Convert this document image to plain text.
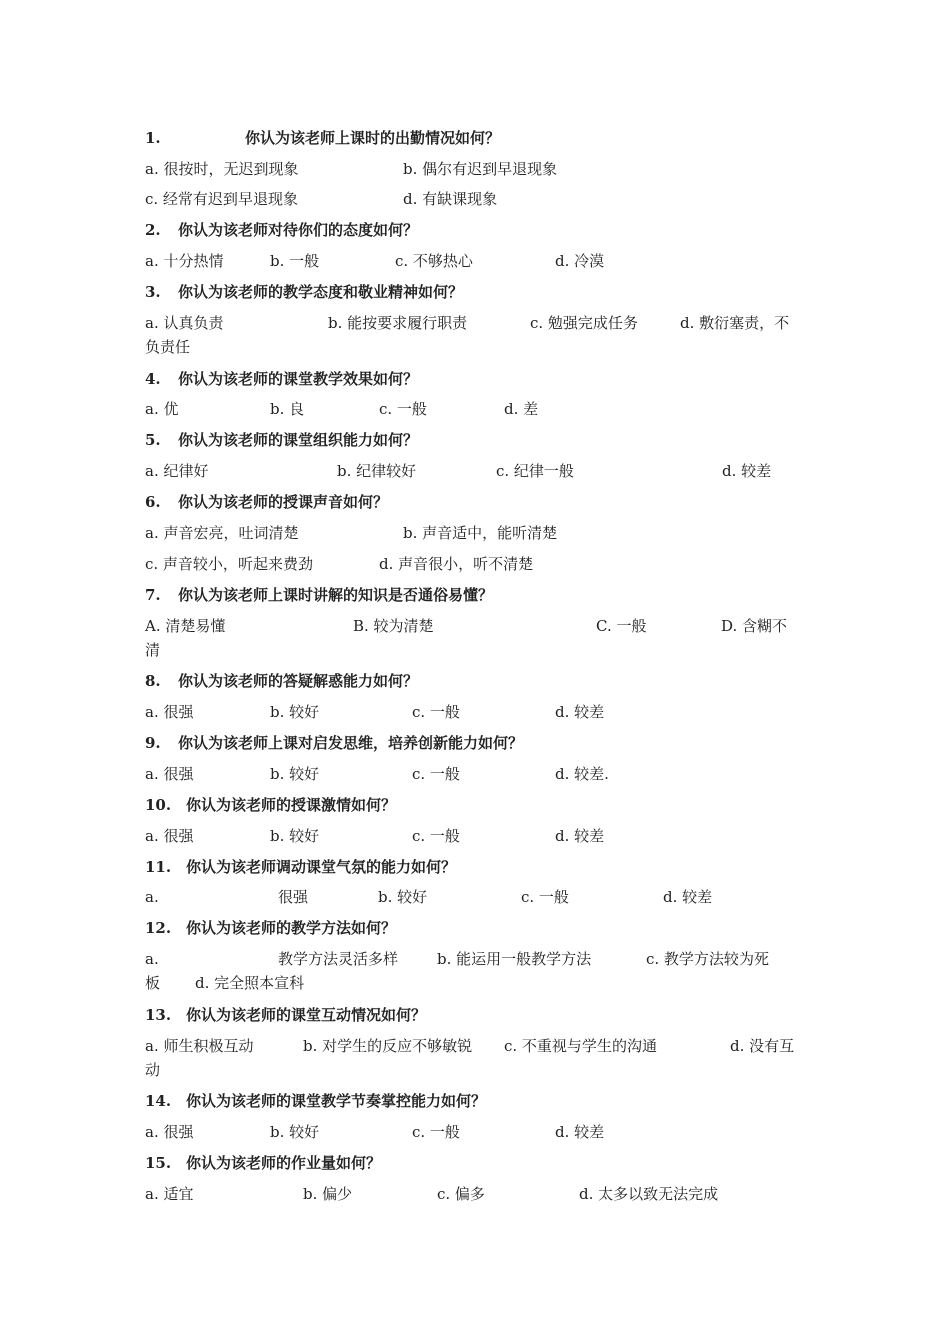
1.	你认为该老师上课时的出勤情况如何？
a. 很按时，无迟到现象	b. 偶尔有迟到早退现象
c. 经常有迟到早退现象	d. 有缺课现象
2. 你认为该老师对待你们的态度如何？
a. 十分热情	b. 一般	c. 不够热心	d. 冷漠
3. 你认为该老师的教学态度和敬业精神如何？
a. 认真负责	b. 能按要求履行职责	c. 勉强完成任务	d. 敷衍塞责，不
负责任
4. 你认为该老师的课堂教学效果如何？
a. 优	b. 良	c. 一般	d. 差
5. 你认为该老师的课堂组织能力如何？
a. 纪律好	b. 纪律较好	c. 纪律一般	d. 较差
6. 你认为该老师的授课声音如何？
a. 声音宏亮，吐词清楚	b. 声音适中，能听清楚
c. 声音较小，听起来费劲	d. 声音很小，听不清楚
7. 你认为该老师上课时讲解的知识是否通俗易懂？
A. 清楚易懂	B. 较为清楚	C. 一般	D. 含糊不
清
8. 你认为该老师的答疑解惑能力如何？
a. 很强	b. 较好	c. 一般	d. 较差
9. 你认为该老师上课对启发思维，培养创新能力如何？
a. 很强	b. 较好	c. 一般	d. 较差.
10. 你认为该老师的授课激情如何？
a. 很强	b. 较好	c. 一般	d. 较差
11. 你认为该老师调动课堂气氛的能力如何？
a.	很强	b. 较好	c. 一般	d. 较差
12. 你认为该老师的教学方法如何？
a.	教学方法灵活多样	b. 能运用一般教学方法	c. 教学方法较为死
板 d. 完全照本宣科
13. 你认为该老师的课堂互动情况如何？
a. 师生积极互动	b. 对学生的反应不够敏锐 c. 不重视与学生的沟通	d. 没有互
动
14. 你认为该老师的课堂教学节奏掌控能力如何？
a. 很强	b. 较好	c. 一般	d. 较差
15. 你认为该老师的作业量如何？
a. 适宜	b. 偏少	c. 偏多	d. 太多以致无法完成
